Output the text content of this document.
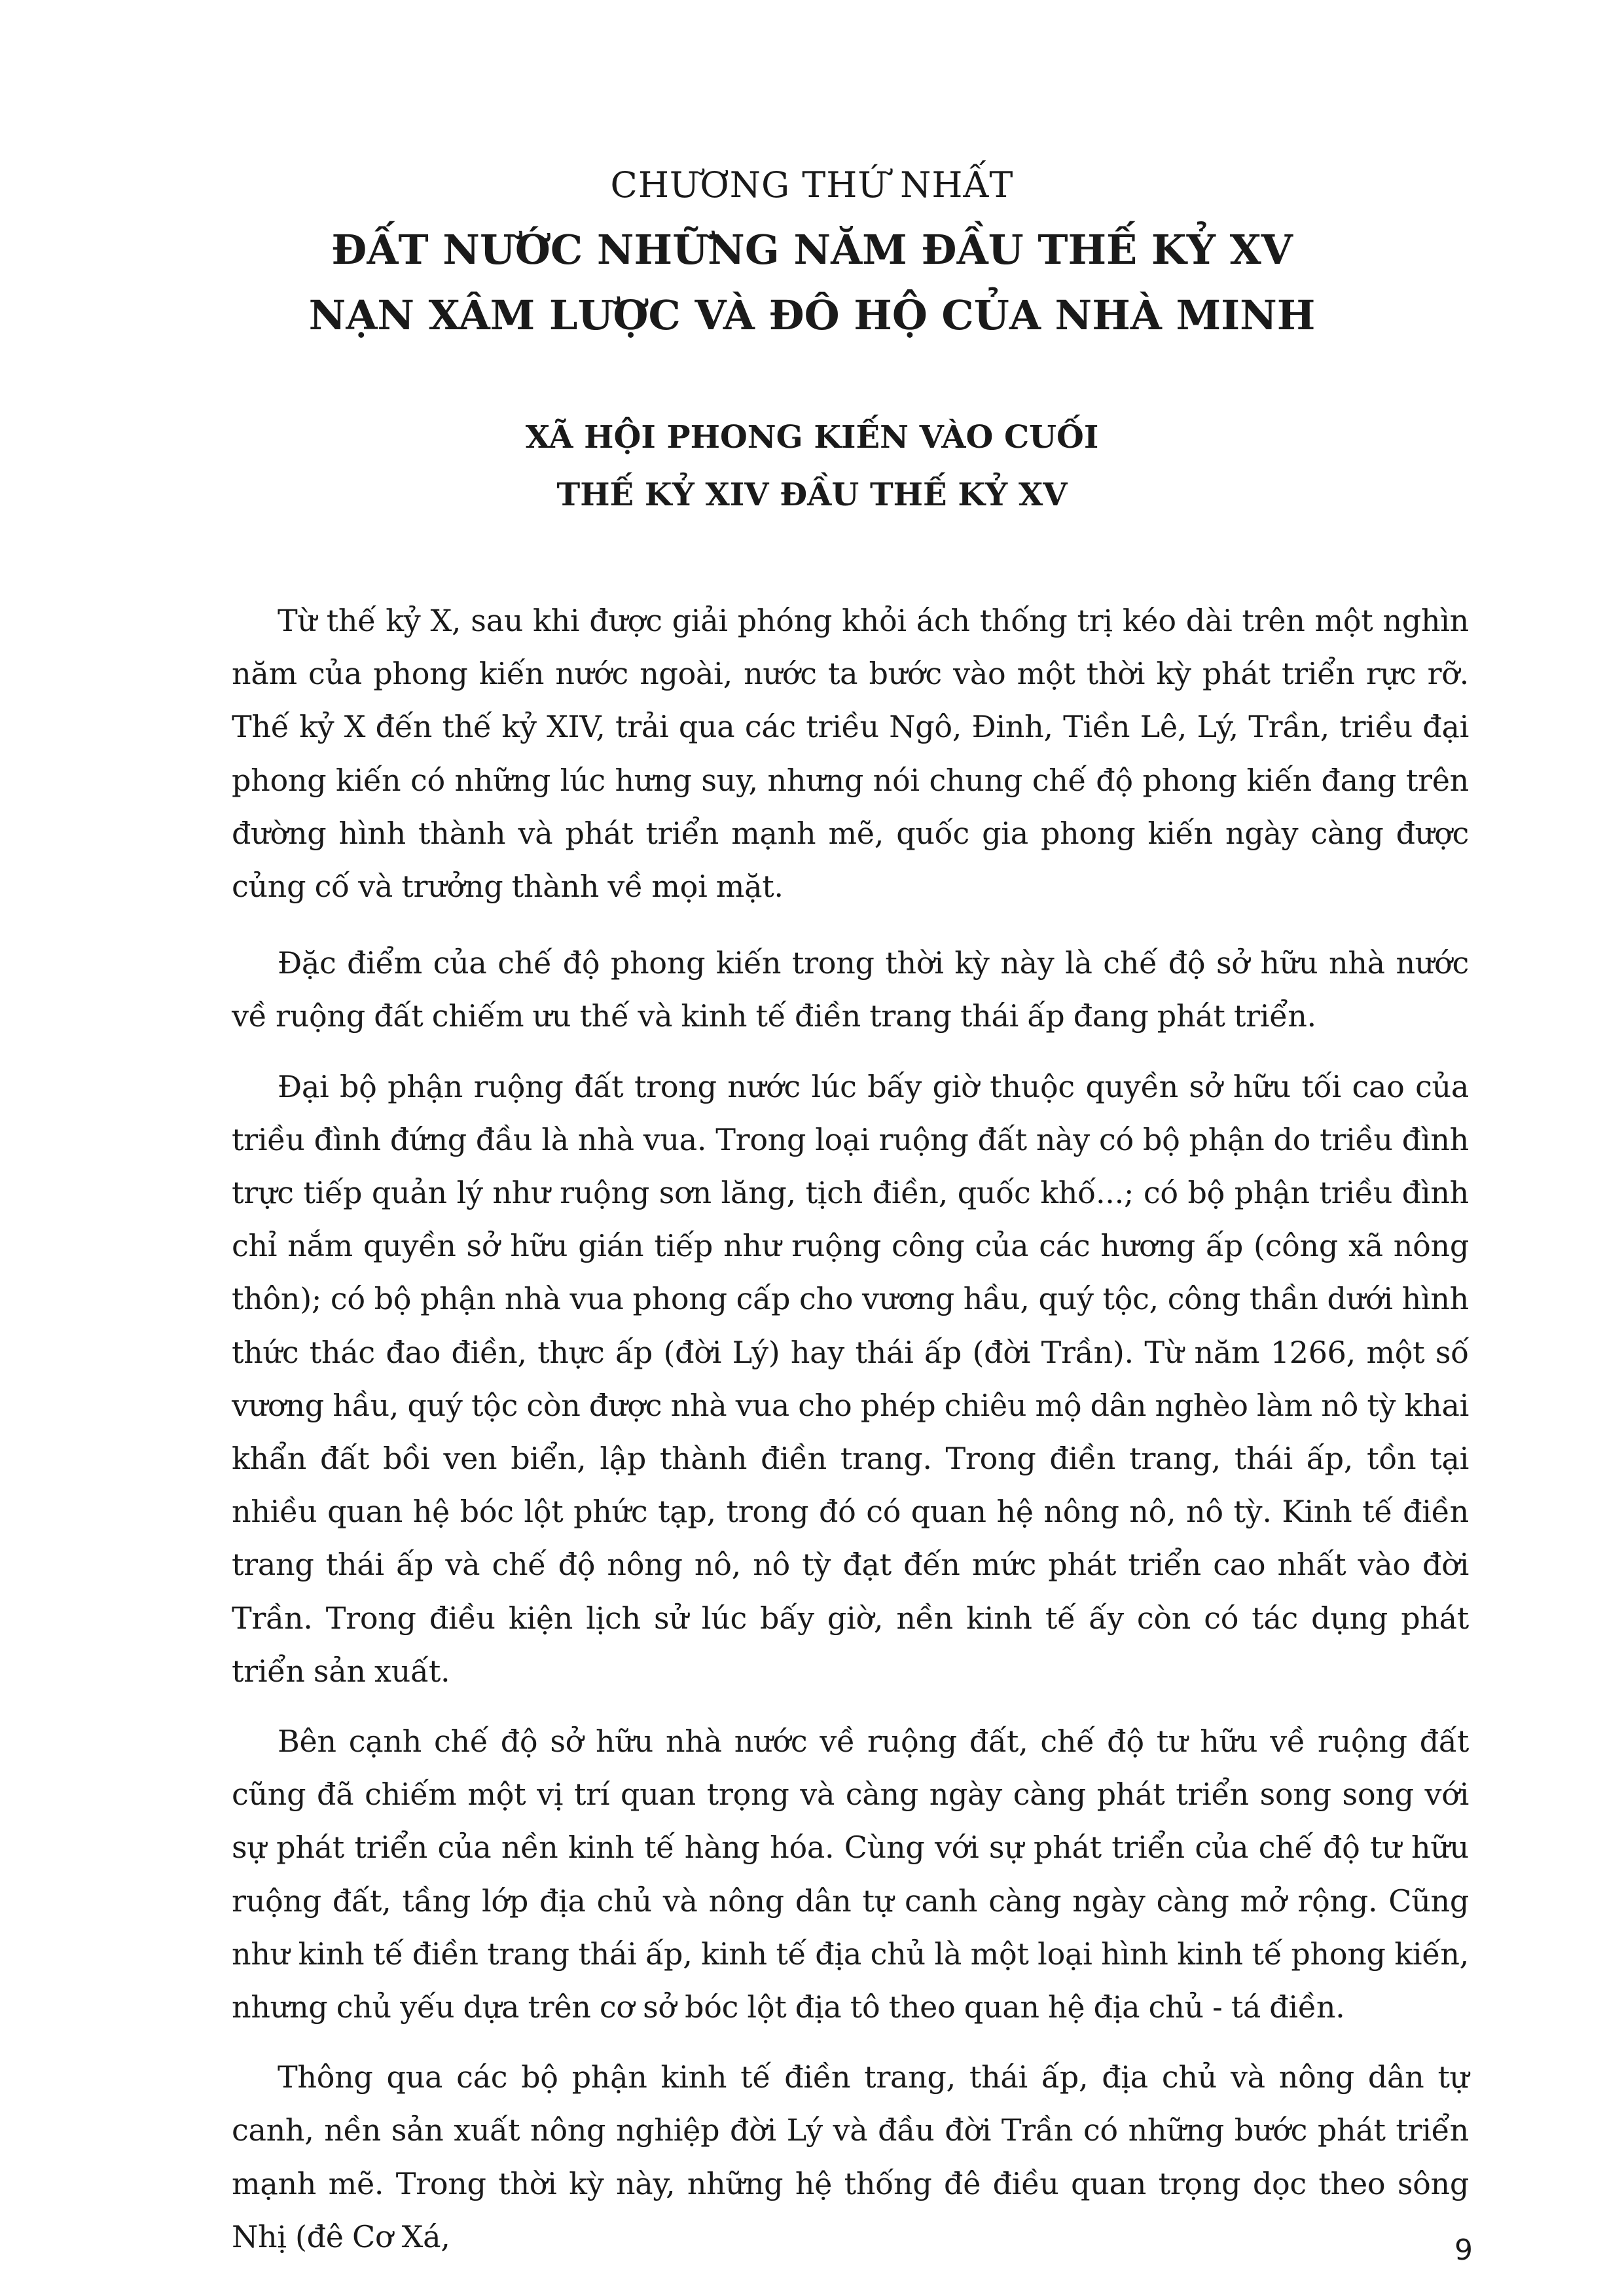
CHƯƠNG THỨ NHẤT
ĐẤT NƯỚC NHỮNG NĂM ĐẦU THẾ KỶ XV
NẠN XÂM LƯỢC VÀ ĐÔ HỘ CỦA NHÀ MINH
XÃ HỘI PHONG KIẾN VÀO CUỐI
THẾ KỶ XIV ĐẦU THẾ KỶ XV

Từ thế kỷ X, sau khi được giải phóng khỏi ách thống trị kéo dài trên một nghìn năm của phong kiến nước ngoài, nước ta bước vào một thời kỳ phát triển rực rỡ. Thế kỷ X đến thế kỷ XIV, trải qua các triều Ngô, Đinh, Tiền Lê, Lý, Trần, triều đại phong kiến có những lúc hưng suy, nhưng nói chung chế độ phong kiến đang trên đường hình thành và phát triển mạnh mẽ, quốc gia phong kiến ngày càng được củng cố và trưởng thành về mọi mặt.

Đặc điểm của chế độ phong kiến trong thời kỳ này là chế độ sở hữu nhà nước về ruộng đất chiếm ưu thế và kinh tế điền trang thái ấp đang phát triển.

Đại bộ phận ruộng đất trong nước lúc bấy giờ thuộc quyền sở hữu tối cao của triều đình đứng đầu là nhà vua. Trong loại ruộng đất này có bộ phận do triều đình trực tiếp quản lý như ruộng sơn lăng, tịch điền, quốc khố...; có bộ phận triều đình chỉ nắm quyền sở hữu gián tiếp như ruộng công của các hương ấp (công xã nông thôn); có bộ phận nhà vua phong cấp cho vương hầu, quý tộc, công thần dưới hình thức thác đao điền, thực ấp (đời Lý) hay thái ấp (đời Trần). Từ năm 1266, một số vương hầu, quý tộc còn được nhà vua cho phép chiêu mộ dân nghèo làm nô tỳ khai khẩn đất bồi ven biển, lập thành điền trang. Trong điền trang, thái ấp, tồn tại nhiều quan hệ bóc lột phức tạp, trong đó có quan hệ nông nô, nô tỳ. Kinh tế điền trang thái ấp và chế độ nông nô, nô tỳ đạt đến mức phát triển cao nhất vào đời Trần. Trong điều kiện lịch sử lúc bấy giờ, nền kinh tế ấy còn có tác dụng phát triển sản xuất.

Bên cạnh chế độ sở hữu nhà nước về ruộng đất, chế độ tư hữu về ruộng đất cũng đã chiếm một vị trí quan trọng và càng ngày càng phát triển song song với sự phát triển của nền kinh tế hàng hóa. Cùng với sự phát triển của chế độ tư hữu ruộng đất, tầng lớp địa chủ và nông dân tự canh càng ngày càng mở rộng. Cũng như kinh tế điền trang thái ấp, kinh tế địa chủ là một loại hình kinh tế phong kiến, nhưng chủ yếu dựa trên cơ sở bóc lột địa tô theo quan hệ địa chủ - tá điền.

Thông qua các bộ phận kinh tế điền trang, thái ấp, địa chủ và nông dân tự canh, nền sản xuất nông nghiệp đời Lý và đầu đời Trần có những bước phát triển mạnh mẽ. Trong thời kỳ này, những hệ thống đê điều quan trọng dọc theo sông Nhị (đê Cơ Xá,	9
